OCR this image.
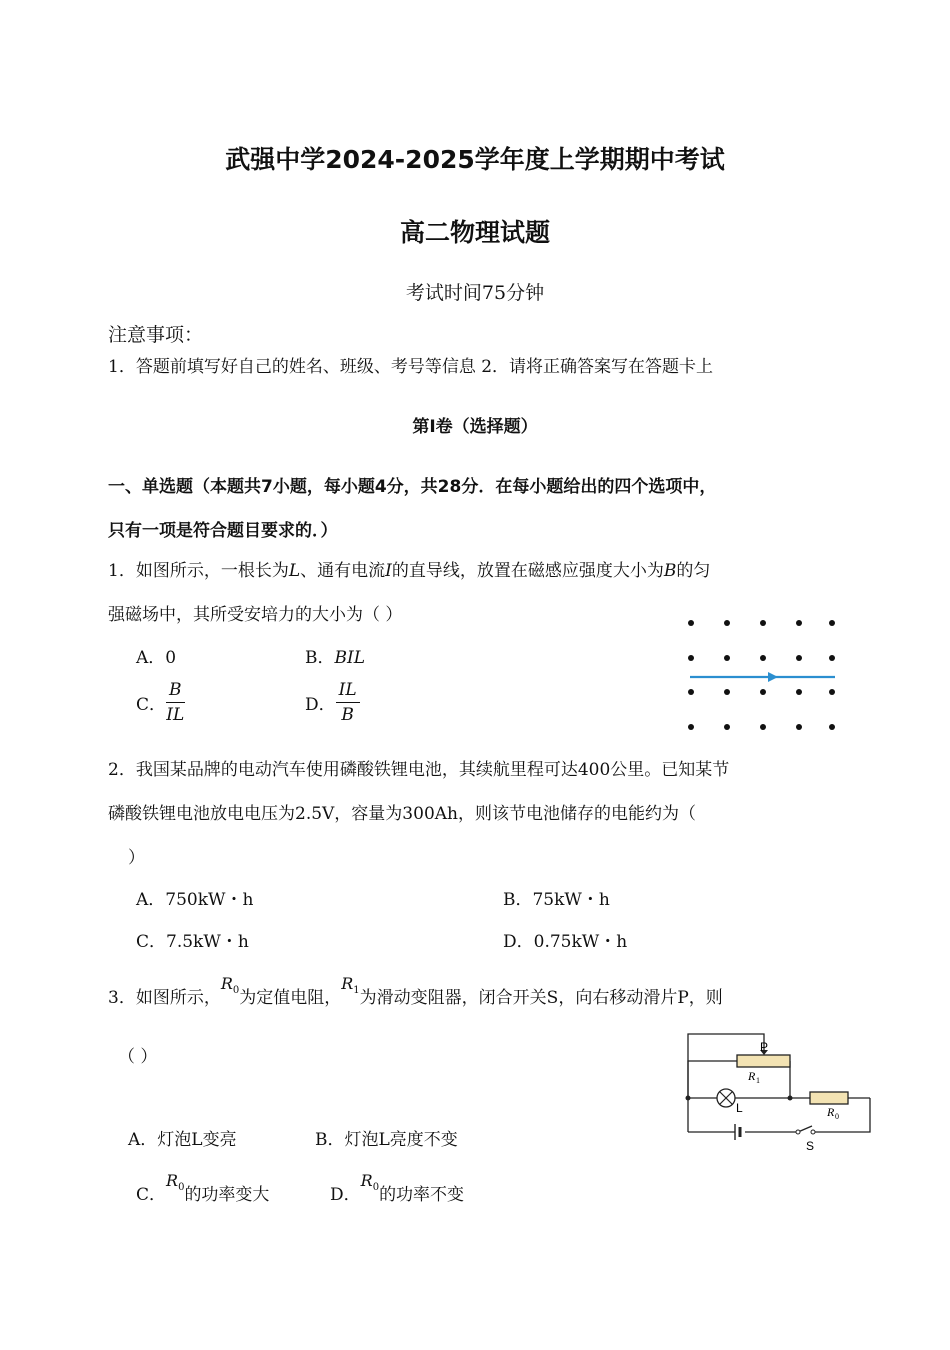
武强中学2024-2025学年度上学期期中考试
高二物理试题
考试时间75分钟
注意事项：
1．答题前填写好自己的姓名、班级、考号等信息 2．请将正确答案写在答题卡上
第I卷（选择题）
一、单选题（本题共7小题，每小题4分，共28分．在每小题给出的四个选项中，
只有一项是符合题目要求的．）
1．如图所示，一根长为L、通有电流I的直导线，放置在磁感应强度大小为B的匀
强磁场中，其所受安培力的大小为（ ）
A．0	B．BIL
C． $\frac{B}{IL}$	D． $\frac{IL}{B}$
2．我国某品牌的电动汽车使用磷酸铁锂电池，其续航里程可达400公里。已知某节
磷酸铁锂电池放电电压为2.5V，容量为300Ah，则该节电池储存的电能约为（
）
A．750kW・h	B．75kW・h
C．7.5kW・h	D．0.75kW・h
3．如图所示，$R_0$为定值电阻，$R_1$为滑动变阻器，闭合开关S，向右移动滑片P，则
（ ）
A．灯泡L变亮	B．灯泡L亮度不变
C．$R_0$的功率变大	D．$R_0$的功率不变
P
R 1
L	R 0
S
